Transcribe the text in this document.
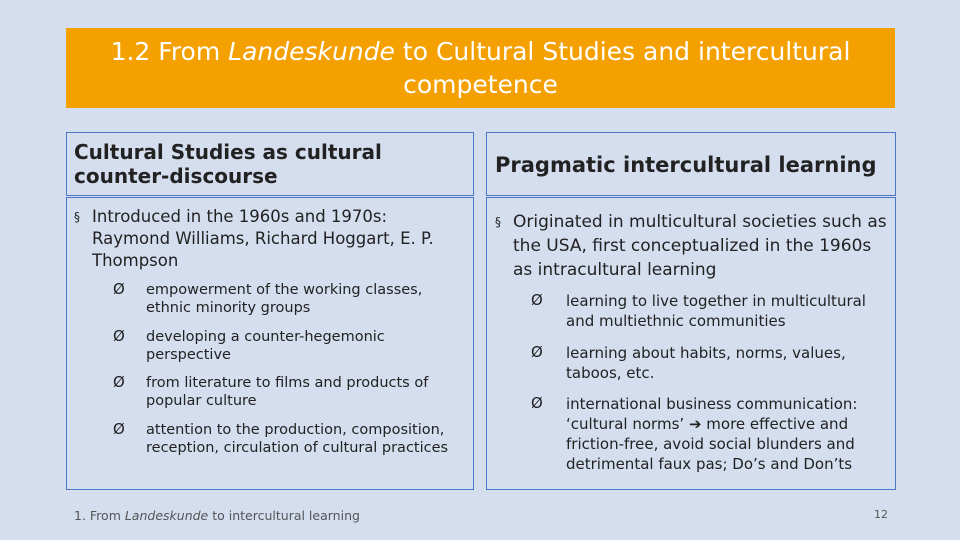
1.2 From Landeskunde to Cultural Studies and intercultural competence
Cultural Studies as cultural counter-discourse	Pragmatic intercultural learning
§ Introduced in the 1960s and 1970s: Raymond Williams, Richard Hoggart, E. P. Thompson
Ø	empowerment of the working classes, ethnic minority groups
Ø	developing a counter-hegemonic perspective
Ø	from literature to films and products of popular culture
Ø	attention to the production, composition, reception, circulation of cultural practices
§ Originated in multicultural societies such as the USA, first conceptualized in the 1960s as intracultural learning
Ø	learning to live together in multicultural and multiethnic communities
Ø	learning about habits, norms, values, taboos, etc.
Ø	international business communication: ‘cultural norms’ ➔ more effective and friction-free, avoid social blunders and detrimental faux pas; Do’s and Don’ts
1. From Landeskunde to intercultural learning	12
